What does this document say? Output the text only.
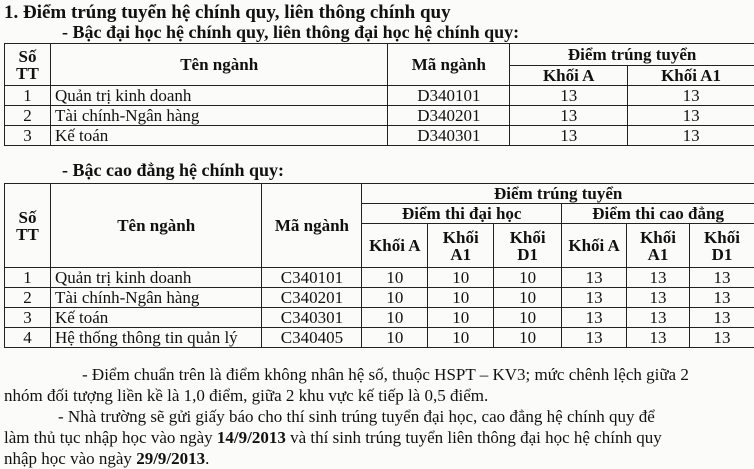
1. Điểm trúng tuyển hệ chính quy, liên thông chính quy
- Bậc đại học hệ chính quy, liên thông đại học hệ chính quy:
Số TT	Tên ngành	Mã ngành	Điểm trúng tuyển	
			Khối A	Khối A1
1	Quản trị kinh doanh	D340101	13	13
2	Tài chính-Ngân hàng	D340201	13	13
3	Kế toán	D340301	13	13
- Bậc cao đẳng hệ chính quy:
Số TT	Tên ngành	Mã ngành	Điểm trúng tuyển					
			Điểm thi đại học			Điểm thi cao đẳng		
			Khối A	Khối A1	Khối D1	Khối A	Khối A1	Khối D1
1	Quản trị kinh doanh	C340101	10	10	10	13	13	13
2	Tài chính-Ngân hàng	C340201	10	10	10	13	13	13
3	Kế toán	C340301	10	10	10	13	13	13
4	Hệ thống thông tin quản lý	C340405	10	10	10	13	13	13
- Điểm chuẩn trên là điểm không nhân hệ số, thuộc HSPT – KV3; mức chênh lệch giữa 2
nhóm đối tượng liền kề là 1,0 điểm, giữa 2 khu vực kế tiếp là 0,5 điểm.
- Nhà trường sẽ gửi giấy báo cho thí sinh trúng tuyển đại học, cao đẳng hệ chính quy để
làm thủ tục nhập học vào ngày 14/9/2013 và thí sinh trúng tuyển liên thông đại học hệ chính quy
nhập học vào ngày 29/9/2013.
